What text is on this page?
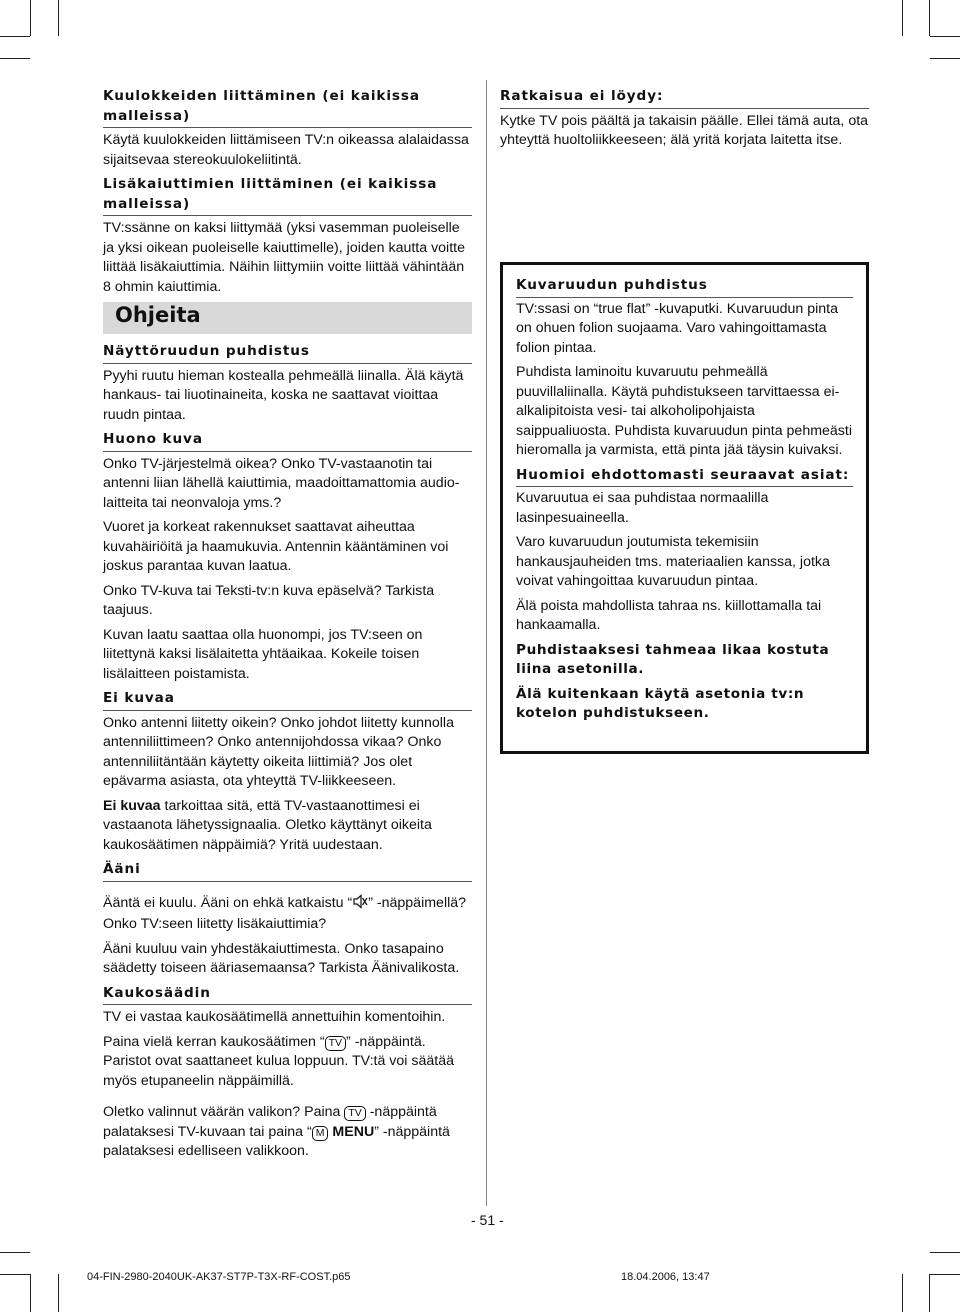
Kuulokkeiden liittäminen (ei kaikissa malleissa)
Käytä kuulokkeiden liittämiseen TV:n oikeassa alalaidassa sijaitsevaa stereokuulokeliitintä.
Lisäkaiuttimien liittäminen (ei kaikissa malleissa)
TV:ssänne on kaksi liittymää (yksi vasemman puoleiselle ja yksi oikean puoleiselle kaiuttimelle), joiden kautta voitte liittää lisäkaiuttimia. Näihin liittymiin voitte liittää vähintään 8 ohmin kaiuttimia.
Ohjeita
Näyttöruudun puhdistus
Pyyhi ruutu hieman kostealla pehmeällä liinalla. Älä käytä hankaus- tai liuotinaineita, koska ne saattavat vioittaa ruudn pintaa.
Huono kuva
Onko TV-järjestelmä oikea? Onko TV-vastaanotin tai antenni liian lähellä kaiuttimia, maadoittamattomia audio-laitteita tai neonvaloja yms.?
Vuoret ja korkeat rakennukset saattavat aiheuttaa kuvahäiriöitä ja haamukuvia. Antennin kääntäminen voi joskus parantaa kuvan laatua.
Onko TV-kuva tai Teksti-tv:n kuva epäselvä? Tarkista taajuus.
Kuvan laatu saattaa olla huonompi, jos TV:seen on liitettynä kaksi lisälaitetta yhtäaikaa. Kokeile toisen lisälaitteen poistamista.
Ei kuvaa
Onko antenni liitetty oikein? Onko johdot liitetty kunnolla antenniliittimeen? Onko antennijohdossa vikaa? Onko antenniliitäntään käytetty oikeita liittimiä? Jos olet epävarma asiasta, ota yhteyttä TV-liikkeeseen.
Ei kuvaa tarkoittaa sitä, että TV-vastaanottimesi ei vastaanota lähetyssignaalia. Oletko käyttänyt oikeita kaukosäätimen näppäimiä? Yritä uudestaan.
Ääni
Ääntä ei kuulu. Ääni on ehkä katkaistu “ ” -näppäimellä? Onko TV:seen liitetty lisäkaiuttimia?
Ääni kuuluu vain yhdestäkaiuttimesta. Onko tasapaino säädetty toiseen ääriasemaansa? Tarkista Äänivalikosta.
Kaukosäädin
TV ei vastaa kaukosäätimellä annettuihin komentoihin.
Paina vielä kerran kaukosäätimen “ TV ” -näppäintä. Paristot ovat saattaneet kulua loppuun. TV:tä voi säätää myös etupaneelin näppäimillä.
Oletko valinnut väärän valikon? Paina TV -näppäintä palataksesi TV-kuvaan tai paina “ M MENU” -näppäintä palataksesi edelliseen valikkoon.
Ratkaisua ei löydy:
Kytke TV pois päältä ja takaisin päälle. Ellei tämä auta, ota yhteyttä huoltoliikkeeseen; älä yritä korjata laitetta itse.
Kuvaruudun puhdistus
TV:ssasi on “true flat” -kuvaputki. Kuvaruudun pinta on ohuen folion suojaama. Varo vahingoittamasta folion pintaa.
Puhdista laminoitu kuvaruutu pehmeällä puuvillaliinalla. Käytä puhdistukseen tarvittaessa ei-alkalipitoista vesi- tai alkoholipohjaista saippualiuosta. Puhdista kuvaruudun pinta pehmeästi hieromalla ja varmista, että pinta jää täysin kuivaksi.
Huomioi ehdottomasti seuraavat asiat:
Kuvaruutua ei saa puhdistaa normaalilla lasinpesuaineella.
Varo kuvaruudun joutumista tekemisiin hankausjauheiden tms. materiaalien kanssa, jotka voivat vahingoittaa kuvaruudun pintaa.
Älä poista mahdollista tahraa ns. kiillottamalla tai hankaamalla.
Puhdistaaksesi tahmeaa likaa kostuta liina asetonilla.
Älä kuitenkaan käytä asetonia tv:n kotelon puhdistukseen.
- 51 -
04-FIN-2980-2040UK-AK37-ST7P-T3X-RF-COST.p65	18.04.2006, 13:47
